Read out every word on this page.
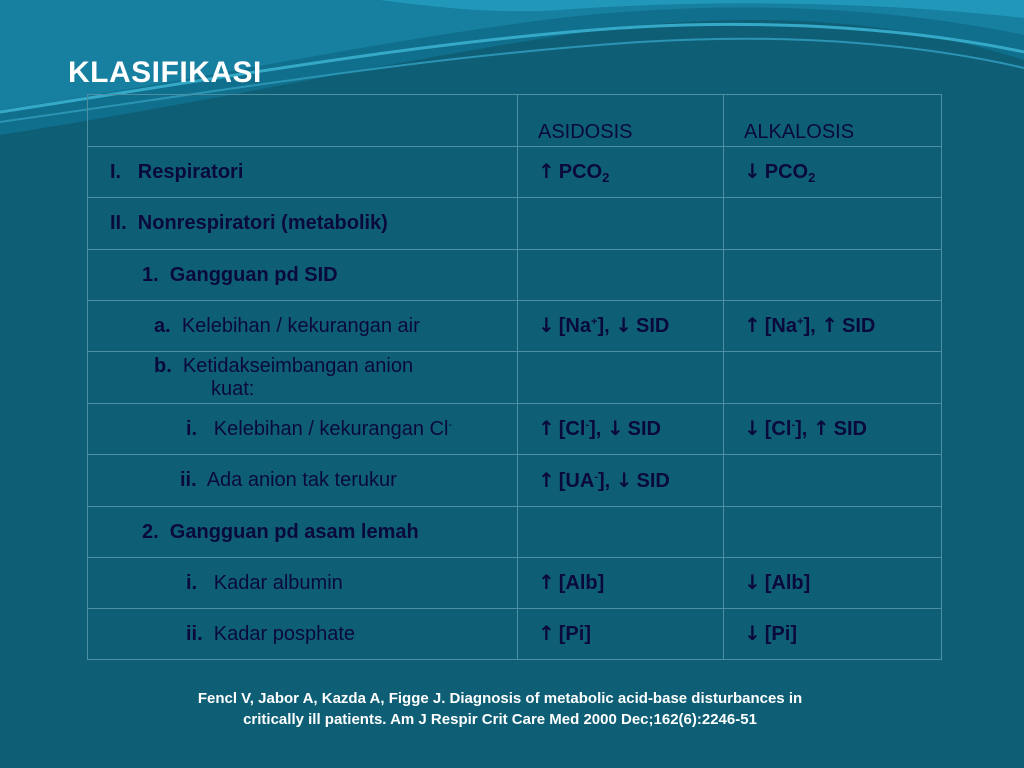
KLASIFIKASI
	ASIDOSIS	ALKALOSIS
I. Respiratori	↑ $PCO_2$	↓ $PCO_2$
II. Nonrespiratori (metabolik)		
1.  Gangguan pd SID		
a. Kelebihan / kekurangan air	↓ [Na+], ↓ SID	↑ [Na+], ↑ SID
b. Ketidakseimbangan anion
kuat:		
i. Kelebihan / kekurangan Cl-	↑ [Cl-], ↓ SID	↓ [Cl-], ↑ SID
ii. Ada anion tak terukur	↑ [UA-], ↓ SID	
2.  Gangguan pd asam lemah		
i. Kadar albumin	↑ [Alb]	↓ [Alb]
ii. Kadar posphate	↑ [Pi]	↓ [Pi]

Fencl V, Jabor A, Kazda A, Figge J. Diagnosis of metabolic acid-base disturbances in
critically ill patients. Am J Respir Crit Care Med 2000 Dec;162(6):2246-51
